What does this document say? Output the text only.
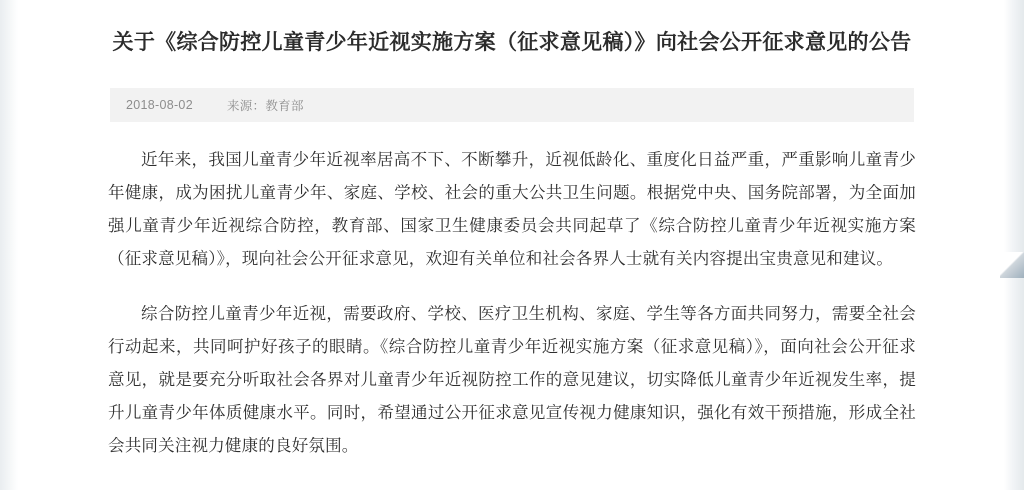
关于《综合防控儿童青少年近视实施方案（征求意见稿）》向社会公开征求意见的公告
2018-08-02	来源：教育部

近年来，我国儿童青少年近视率居高不下、不断攀升，近视低龄化、重度化日益严重，严重影响儿童青少年健康，成为困扰儿童青少年、家庭、学校、社会的重大公共卫生问题。根据党中央、国务院部署，为全面加强儿童青少年近视综合防控，教育部、国家卫生健康委员会共同起草了《综合防控儿童青少年近视实施方案（征求意见稿）》，现向社会公开征求意见，欢迎有关单位和社会各界人士就有关内容提出宝贵意见和建议。

综合防控儿童青少年近视，需要政府、学校、医疗卫生机构、家庭、学生等各方面共同努力，需要全社会行动起来，共同呵护好孩子的眼睛。《综合防控儿童青少年近视实施方案（征求意见稿）》，面向社会公开征求意见，就是要充分听取社会各界对儿童青少年近视防控工作的意见建议，切实降低儿童青少年近视发生率，提升儿童青少年体质健康水平。同时，希望通过公开征求意见宣传视力健康知识，强化有效干预措施，形成全社会共同关注视力健康的良好氛围。
